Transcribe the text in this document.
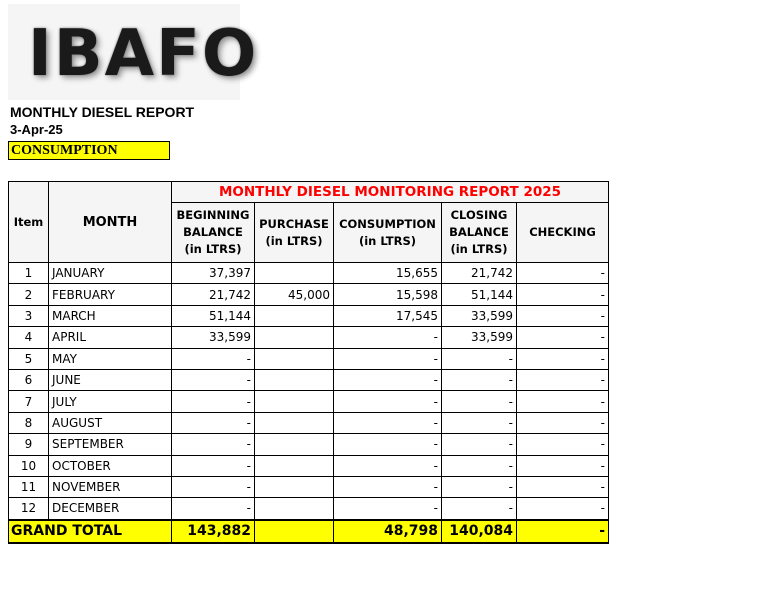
IBAFO
MONTHLY DIESEL REPORT
3-Apr-25
CONSUMPTION
Item	MONTH	MONTHLY DIESEL MONITORING REPORT 2025				
		BEGINNING
BALANCE
(in LTRS)	PURCHASE
(in LTRS)	CONSUMPTION
(in LTRS)	CLOSING
BALANCE
(in LTRS)	CHECKING
1	JANUARY	37,397		15,655	21,742	-
2	FEBRUARY	21,742	45,000	15,598	51,144	-
3	MARCH	51,144		17,545	33,599	-
4	APRIL	33,599		-	33,599	-
5	MAY	-		-	-	-
6	JUNE	-		-	-	-
7	JULY	-		-	-	-
8	AUGUST	-		-	-	-
9	SEPTEMBER	-		-	-	-
10	OCTOBER	-		-	-	-
11	NOVEMBER	-		-	-	-
12	DECEMBER	-		-	-	-
GRAND TOTAL		143,882		48,798	140,084	-
